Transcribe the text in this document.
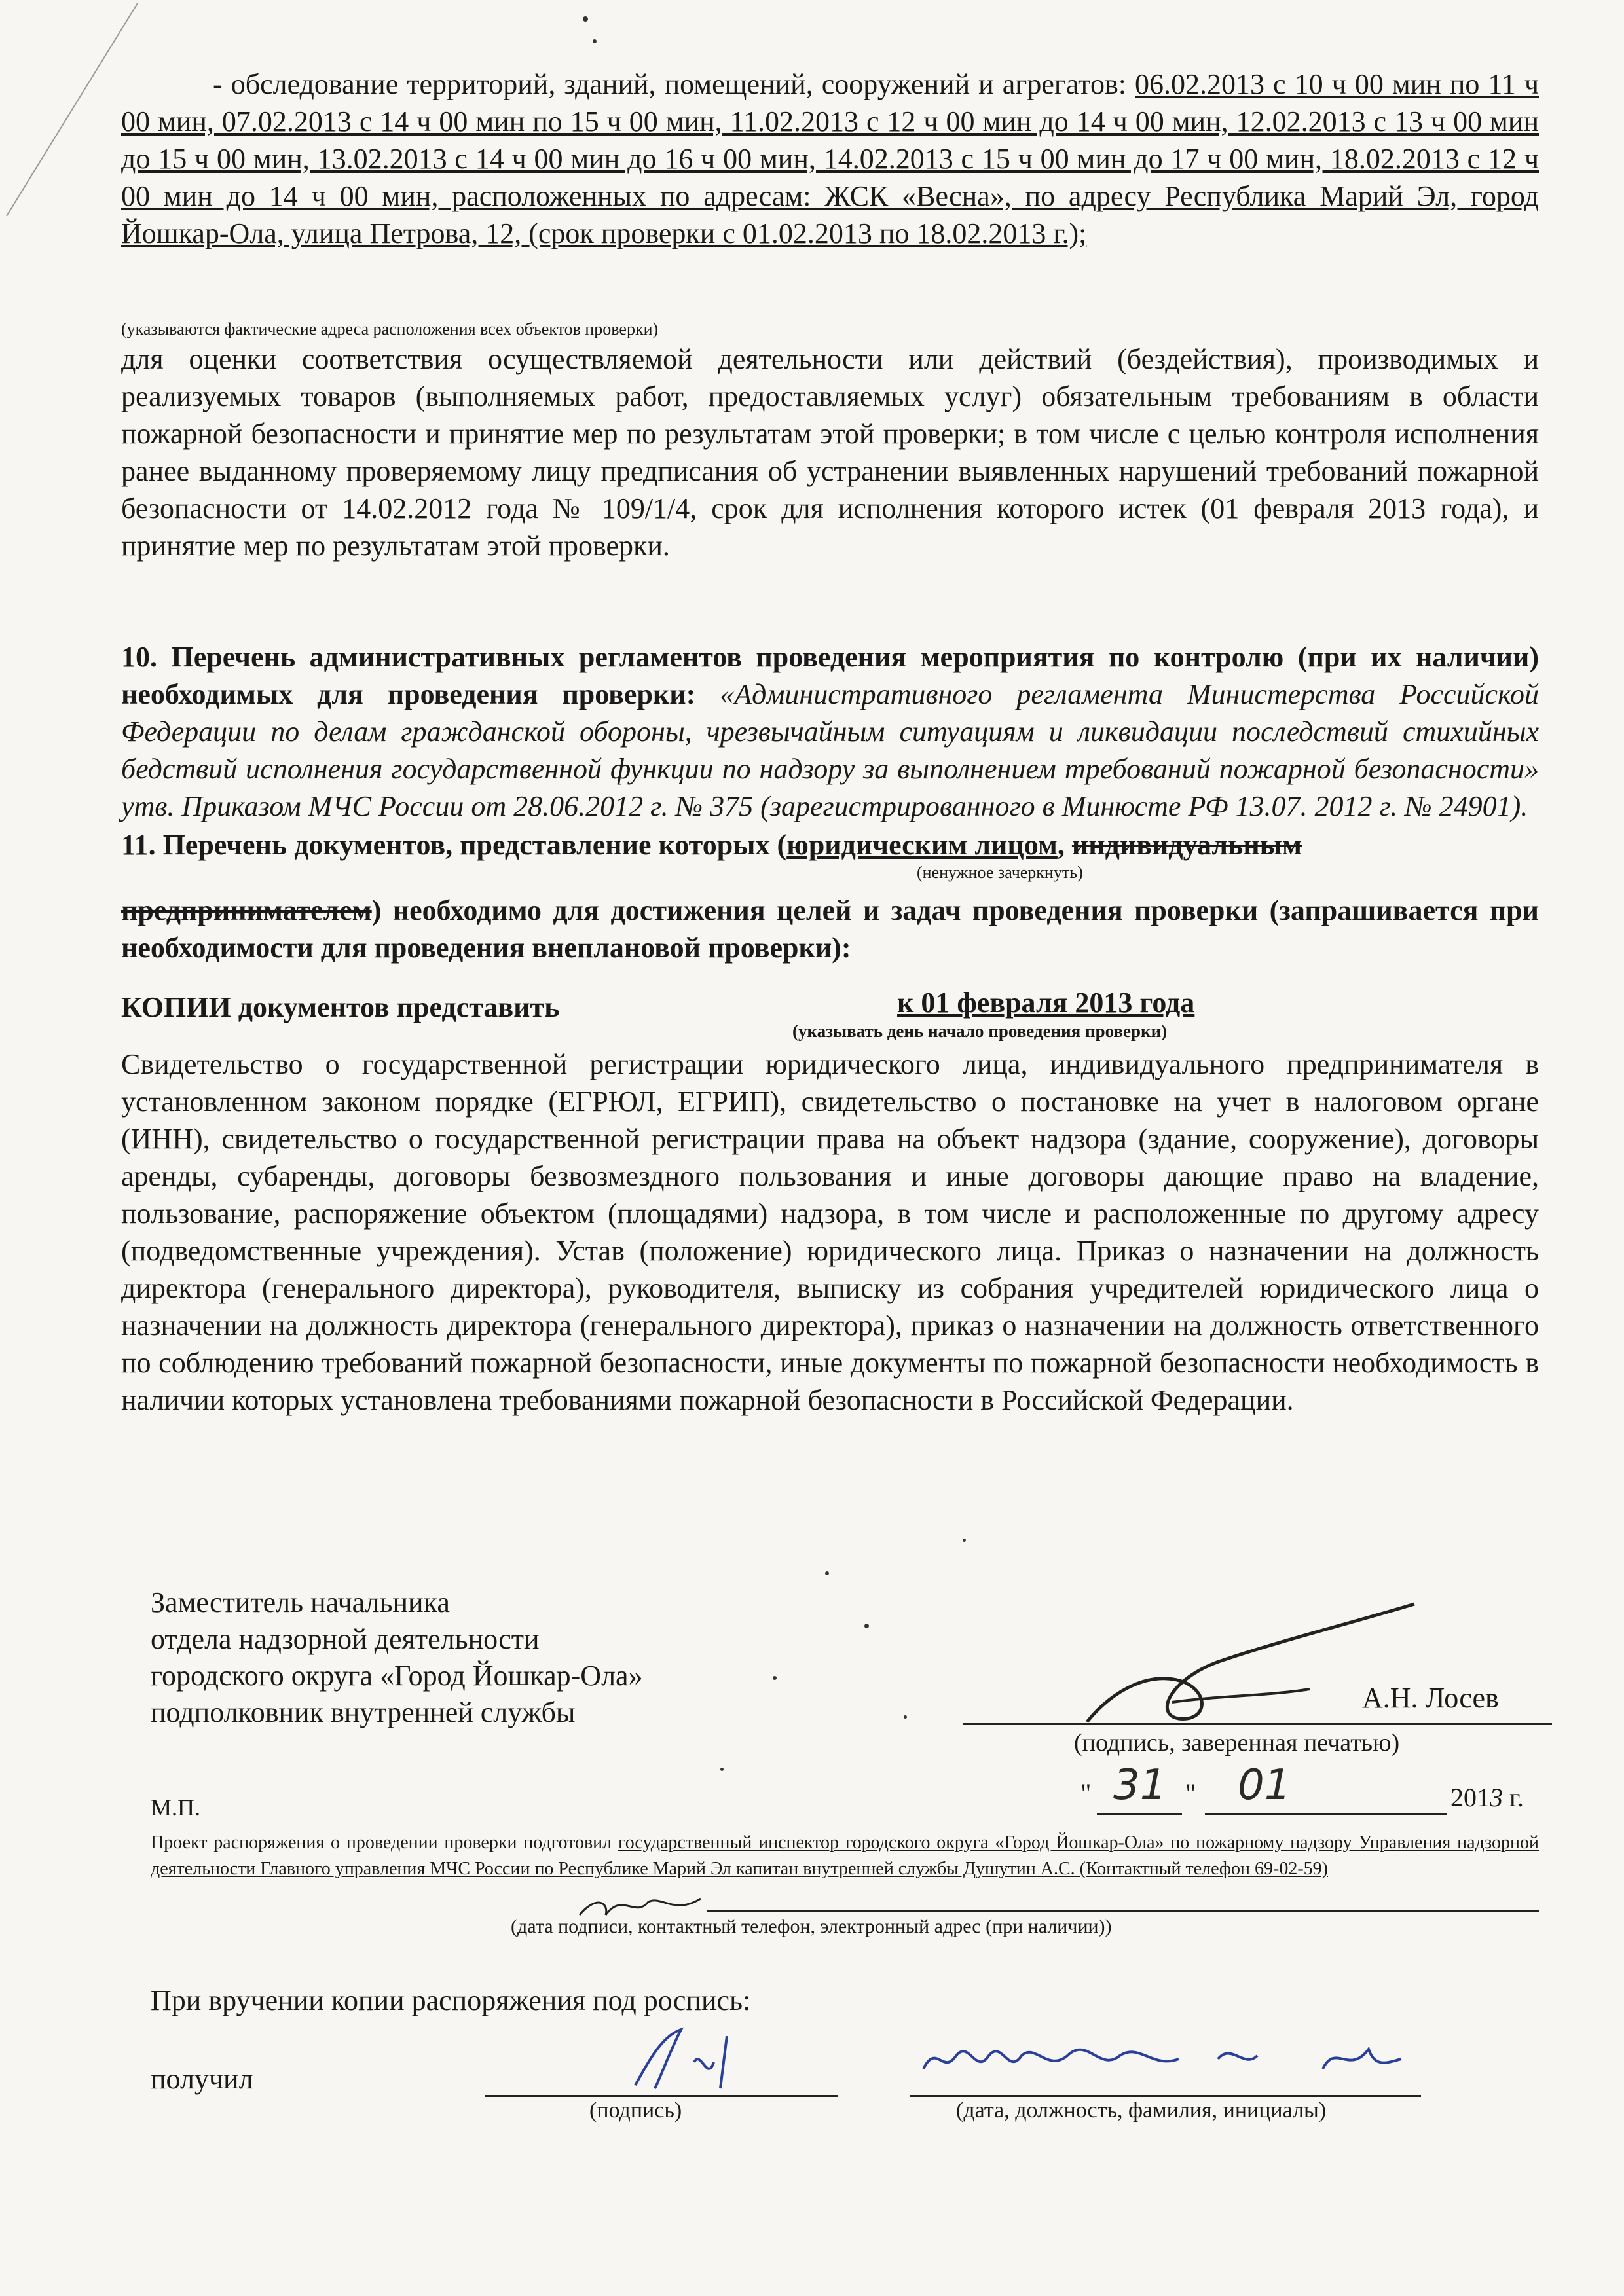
- обследование территорий, зданий, помещений, сооружений и агрегатов: 06.02.2013 с 10 ч 00 мин по 11 ч 00 мин, 07.02.2013 с 14 ч 00 мин по 15 ч 00 мин, 11.02.2013 с 12 ч 00 мин до 14 ч 00 мин, 12.02.2013 с 13 ч 00 мин до 15 ч 00 мин, 13.02.2013 с 14 ч 00 мин до 16 ч 00 мин, 14.02.2013 с 15 ч 00 мин до 17 ч 00 мин, 18.02.2013 с 12 ч 00 мин до 14 ч 00 мин, расположенных по адресам: ЖСК «Весна», по адресу Республика Марий Эл, город Йошкар-Ола, улица Петрова, 12, (срок проверки с 01.02.2013 по 18.02.2013 г.);
(указываются фактические адреса расположения всех объектов проверки)
для оценки соответствия осуществляемой деятельности или действий (бездействия), производимых и реализуемых товаров (выполняемых работ, предоставляемых услуг) обязательным требованиям в области пожарной безопасности и принятие мер по результатам этой проверки; в том числе с целью контроля исполнения ранее выданному проверяемому лицу предписания об устранении выявленных нарушений требований пожарной безопасности от 14.02.2012 года № 109/1/4, срок для исполнения которого истек (01 февраля 2013 года), и принятие мер по результатам этой проверки.
10. Перечень административных регламентов проведения мероприятия по контролю (при их наличии) необходимых для проведения проверки: «Административного регламента Министерства Российской Федерации по делам гражданской обороны, чрезвычайным ситуациям и ликвидации последствий стихийных бедствий исполнения государственной функции по надзору за выполнением требований пожарной безопасности» утв. Приказом МЧС России от 28.06.2012 г. № 375 (зарегистрированного в Минюсте РФ 13.07. 2012 г. № 24901).
11. Перечень документов, представление которых (юридическим лицом, индивидуальным
(ненужное зачеркнуть)
предпринимателем) необходимо для достижения целей и задач проведения проверки (запрашивается при необходимости для проведения внеплановой проверки):
КОПИИ документов представить	к 01 февраля 2013 года
(указывать день начало проведения проверки)
Свидетельство о государственной регистрации юридического лица, индивидуального предпринимателя в установленном законом порядке (ЕГРЮЛ, ЕГРИП), свидетельство о постановке на учет в налоговом органе (ИНН), свидетельство о государственной регистрации права на объект надзора (здание, сооружение), договоры аренды, субаренды, договоры безвозмездного пользования и иные договоры дающие право на владение, пользование, распоряжение объектом (площадями) надзора, в том числе и расположенные по другому адресу (подведомственные учреждения). Устав (положение) юридического лица. Приказ о назначении на должность директора (генерального директора), руководителя, выписку из собрания учредителей юридического лица о назначении на должность директора (генерального директора), приказ о назначении на должность ответственного по соблюдению требований пожарной безопасности, иные документы по пожарной безопасности необходимость в наличии которых установлена требованиями пожарной безопасности в Российской Федерации.
Заместитель начальника
отдела надзорной деятельности
городского округа «Город Йошкар-Ола»
подполковник внутренней службы	А.Н. Лосев
(подпись, заверенная печатью)
М.П.	" 31 " 01	2013 г.
Проект распоряжения о проведении проверки подготовил государственный инспектор городского округа «Город Йошкар-Ола» по пожарному надзору Управления надзорной деятельности Главного управления МЧС России по Республике Марий Эл капитан внутренней службы Душутин А.С. (Контактный телефон 69-02-59)
(дата подписи, контактный телефон, электронный адрес (при наличии))
При вручении копии распоряжения под роспись:
получил
(подпись)	(дата, должность, фамилия, инициалы)
